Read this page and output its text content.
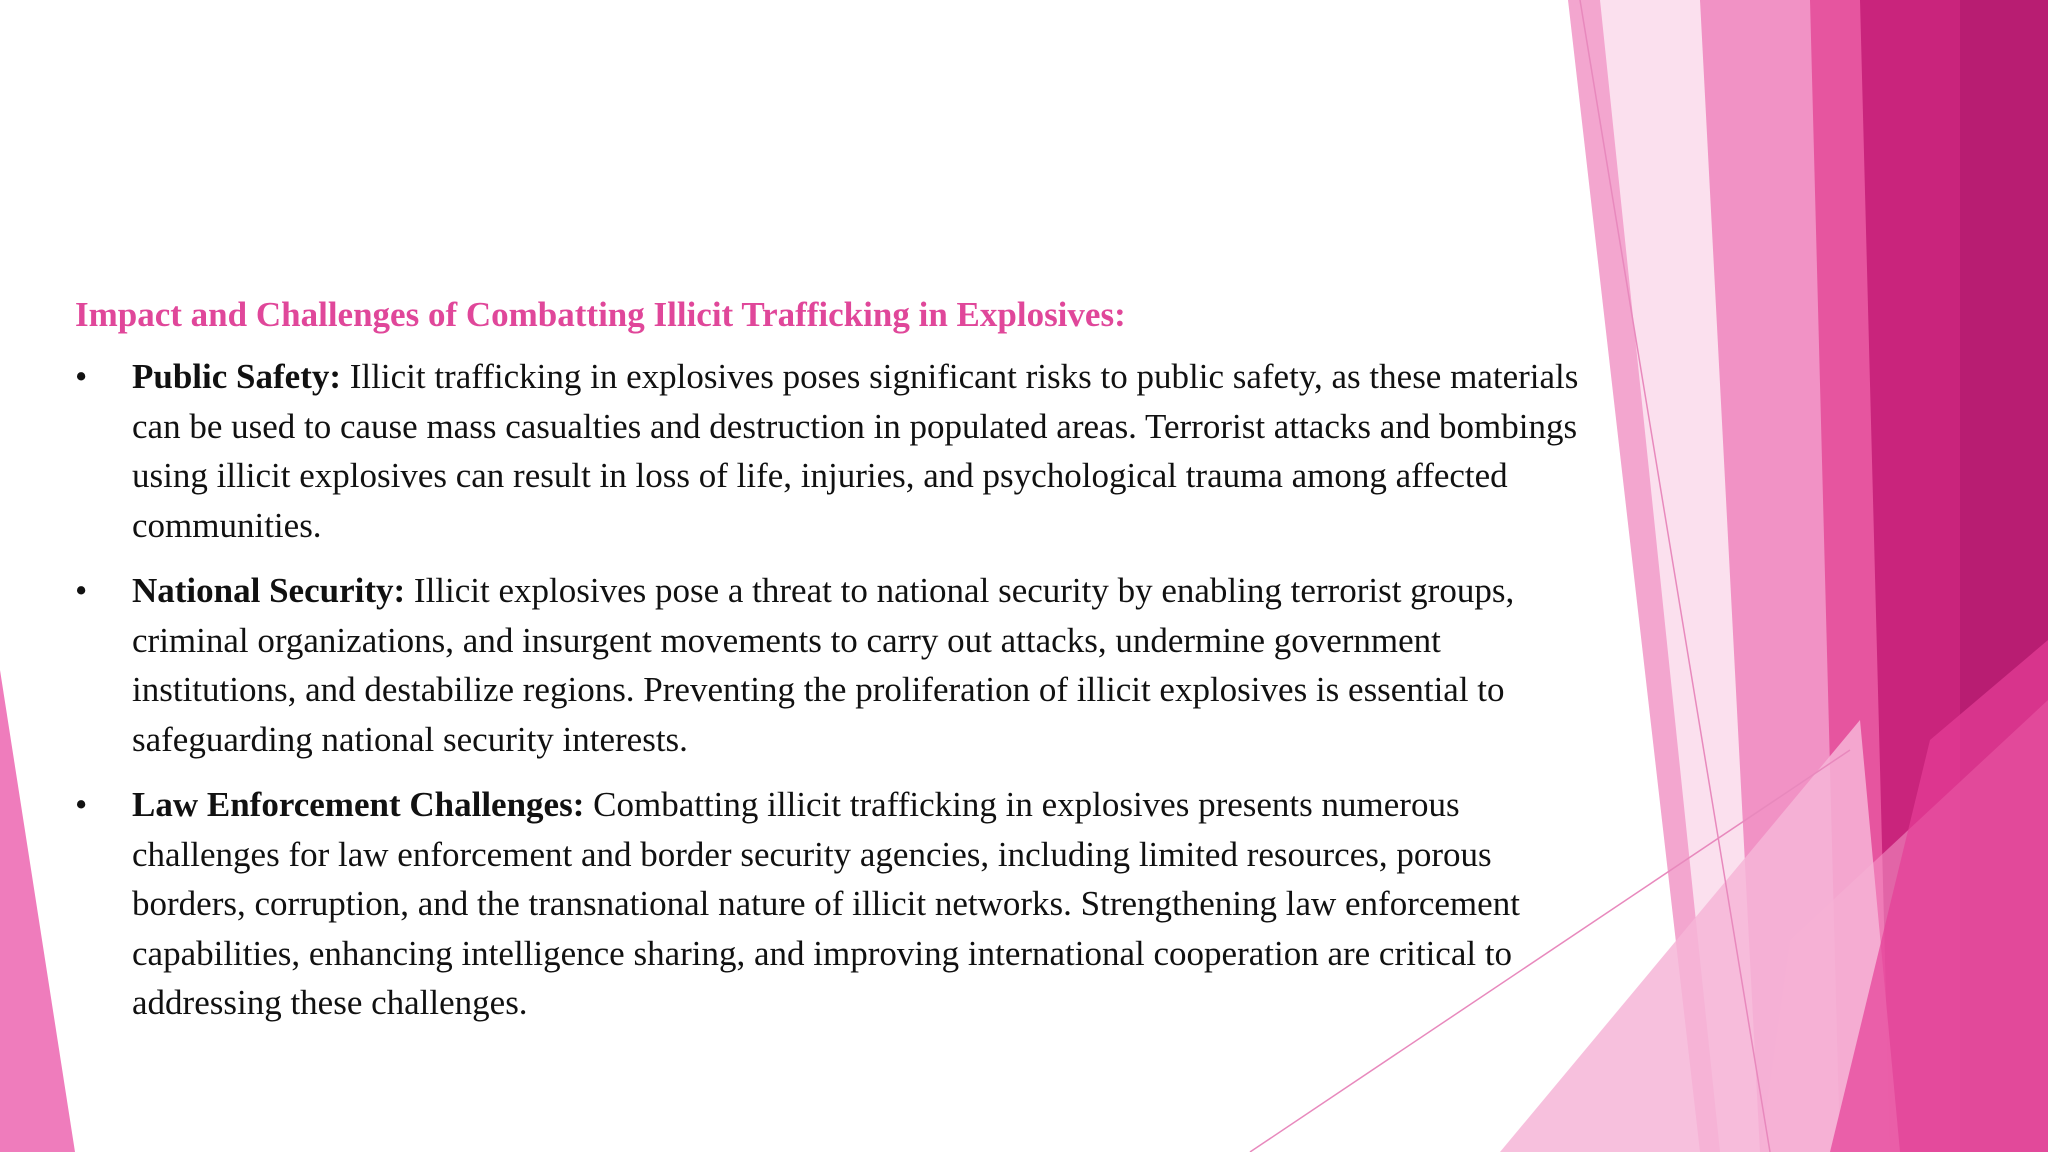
Impact and Challenges of Combatting Illicit Trafficking in Explosives:
•	Public Safety: Illicit trafficking in explosives poses significant risks to public safety, as these materials can be used to cause mass casualties and destruction in populated areas. Terrorist attacks and bombings using illicit explosives can result in loss of life, injuries, and psychological trauma among affected communities.
•	National Security: Illicit explosives pose a threat to national security by enabling terrorist groups, criminal organizations, and insurgent movements to carry out attacks, undermine government institutions, and destabilize regions. Preventing the proliferation of illicit explosives is essential to safeguarding national security interests.
•	Law Enforcement Challenges: Combatting illicit trafficking in explosives presents numerous challenges for law enforcement and border security agencies, including limited resources, porous borders, corruption, and the transnational nature of illicit networks. Strengthening law enforcement capabilities, enhancing intelligence sharing, and improving international cooperation are critical to addressing these challenges.
